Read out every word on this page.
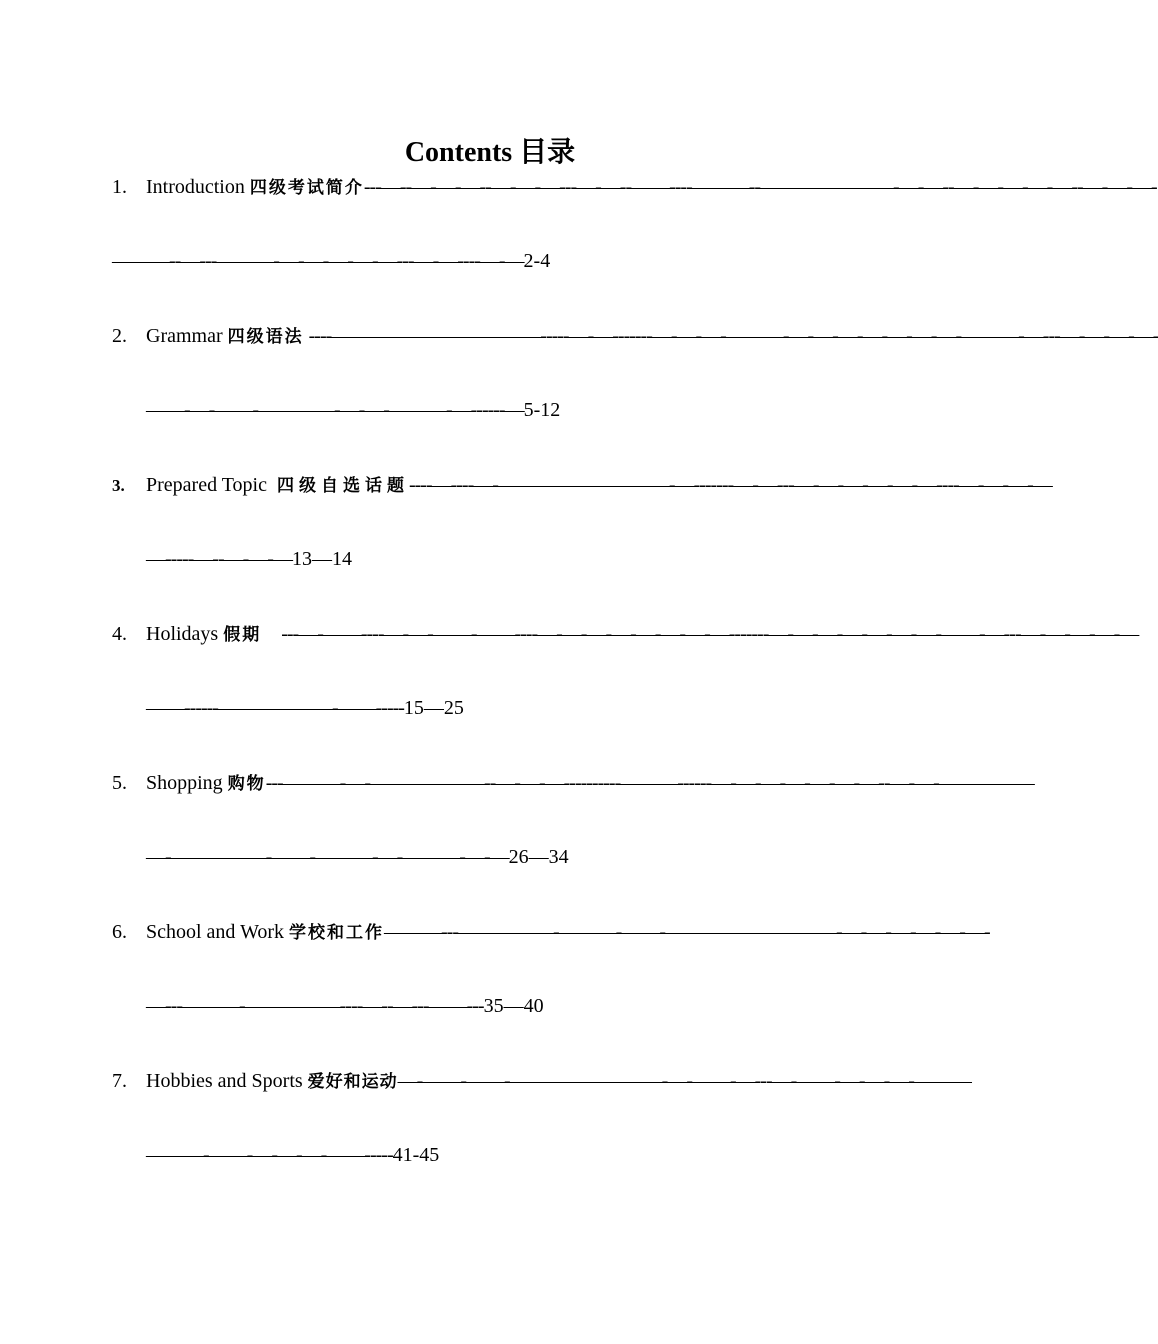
Contents 目录
1. Introduction 四级考试简介---—--—-—-—--—-—-—---—-—--——----———--———————-—-—--—-—-—-—-—--—-—-—-
———--—---———-—-—-—-—-—---—-—----—-—2-4
2. Grammar 四级语法 ----———————————-----—-—-------—-—-—-———-—-—-—-—-—-—-—-———-—---—-—-—-—-
——-—-——-————-—-—-———-—------—5-12
3. Prepared Topic 四级自选话题----—----—-—————————-—-------—-—---—-—-—-—-—-—----—-—-—-—
—-----—--—-—-—13—14
4. Holidays 假期 ---—-——----—-—-——-——----—-—-—-—-—-—-—-—-------—-—-—-—-—-—-—-——-—---—-—-—-—-—
——------——————-——-----15—25
5. Shopping 购物---———-—-——————--—-—-—----------———------—-—-—-—-—-—-—--—-—-—————
—-—————-——-———-—-———-—-—26—34
6. School and Work 学校和工作———---—————-———-——-—————————-—-—-—-—-—-—-
—---———-—————----—--—---——---35—40
7. Hobbies and Sports 爱好和运动—-——-——-————————-—-——-—---—-——-—-—-—-———
———-——-—-—-—-——-----41-45
